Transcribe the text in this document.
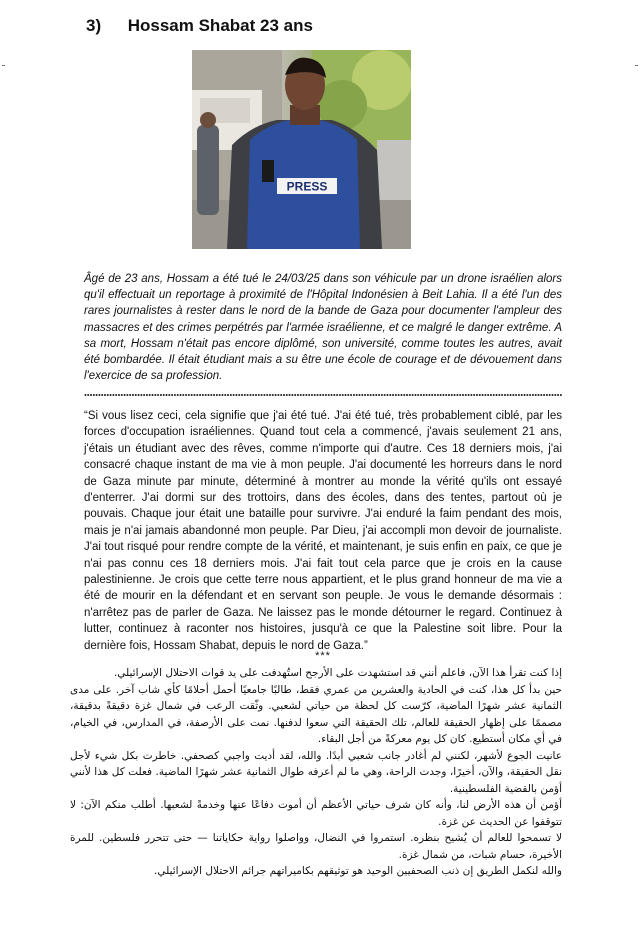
3) Hossam Shabat 23 ans
PRESS
Âgé de 23 ans, Hossam a été tué le 24/03/25 dans son véhicule par un drone israélien alors qu'il effectuait un reportage à proximité de l'Hôpital Indonésien à Beit Lahia. Il a été l'un des rares journalistes à rester dans le nord de la bande de Gaza pour documenter l'ampleur des massacres et des crimes perpétrés par l'armée israélienne, et ce malgré le danger extrême. A sa mort, Hossam n'était pas encore diplômé, son université, comme toutes les autres, avait été bombardée. Il était étudiant mais a su être une école de courage et de dévouement dans l'exercice de sa profession.
“Si vous lisez ceci, cela signifie que j'ai été tué. J'ai été tué, très probablement ciblé, par les forces d'occupation israéliennes. Quand tout cela a commencé, j'avais seulement 21 ans, j'étais un étudiant avec des rêves, comme n'importe qui d'autre. Ces 18 derniers mois, j'ai consacré chaque instant de ma vie à mon peuple. J'ai documenté les horreurs dans le nord de Gaza minute par minute, déterminé à montrer au monde la vérité qu'ils ont essayé d'enterrer. J'ai dormi sur des trottoirs, dans des écoles, dans des tentes, partout où je pouvais. Chaque jour était une bataille pour survivre. J'ai enduré la faim pendant des mois, mais je n'ai jamais abandonné mon peuple. Par Dieu, j'ai accompli mon devoir de journaliste. J'ai tout risqué pour rendre compte de la vérité, et maintenant, je suis enfin en paix, ce que je n'ai pas connu ces 18 derniers mois. J'ai fait tout cela parce que je crois en la cause palestinienne. Je crois que cette terre nous appartient, et le plus grand honneur de ma vie a été de mourir en la défendant et en servant son peuple. Je vous le demande désormais : n'arrêtez pas de parler de Gaza. Ne laissez pas le monde détourner le regard. Continuez à lutter, continuez à raconter nos histoires, jusqu'à ce que la Palestine soit libre. Pour la dernière fois, Hossam Shabat, depuis le nord de Gaza.”
***

إذا كنت تقرأ هذا الآن، فاعلم أنني قد استشهدت على الأرجح استُهدفت على يد قوات الاحتلال الإسرائيلي.

حين بدأ كل هذا، كنت في الحادية والعشرين من عمري فقط، طالبًا جامعيًا أحمل أحلامًا كأي شاب آخر. على مدى الثمانية عشر شهرًا الماضية، كرّست كل لحظة من حياتي لشعبي. وثّقت الرعب في شمال غزة دقيقةً بدقيقة، مصممًا على إظهار الحقيقة للعالم، تلك الحقيقة التي سعوا لدفنها. نمت على الأرصفة، في المدارس، في الخيام، في أي مكان أستطيع. كان كل يوم معركةً من أجل البقاء.

عانيت الجوع لأشهر، لكنني لم أغادر جانب شعبي أبدًا. والله، لقد أديت واجبي كصحفي. خاطرت بكل شيء لأجل نقل الحقيقة، والآن، أخيرًا، وجدت الراحة، وهي ما لم أعرفه طوال الثمانية عشر شهرًا الماضية. فعلت كل هذا لأنني أؤمن بالقضية الفلسطينية.

أؤمن أن هذه الأرض لنا، وأنه كان شرف حياتي الأعظم أن أموت دفاعًا عنها وخدمةً لشعبها. أطلب منكم الآن: لا تتوقفوا عن الحديث عن غزة.

لا تسمحوا للعالم أن يُشيح بنظره. استمروا في النضال، وواصلوا رواية حكاياتنا — حتى تتحرر فلسطين. للمرة الأخيرة، حسام شبات، من شمال غزة.

والله لنكمل الطريق إن ذنب الصحفيين الوحيد هو توثيقهم بكاميراتهم جرائم الاحتلال الإسرائيلي.
